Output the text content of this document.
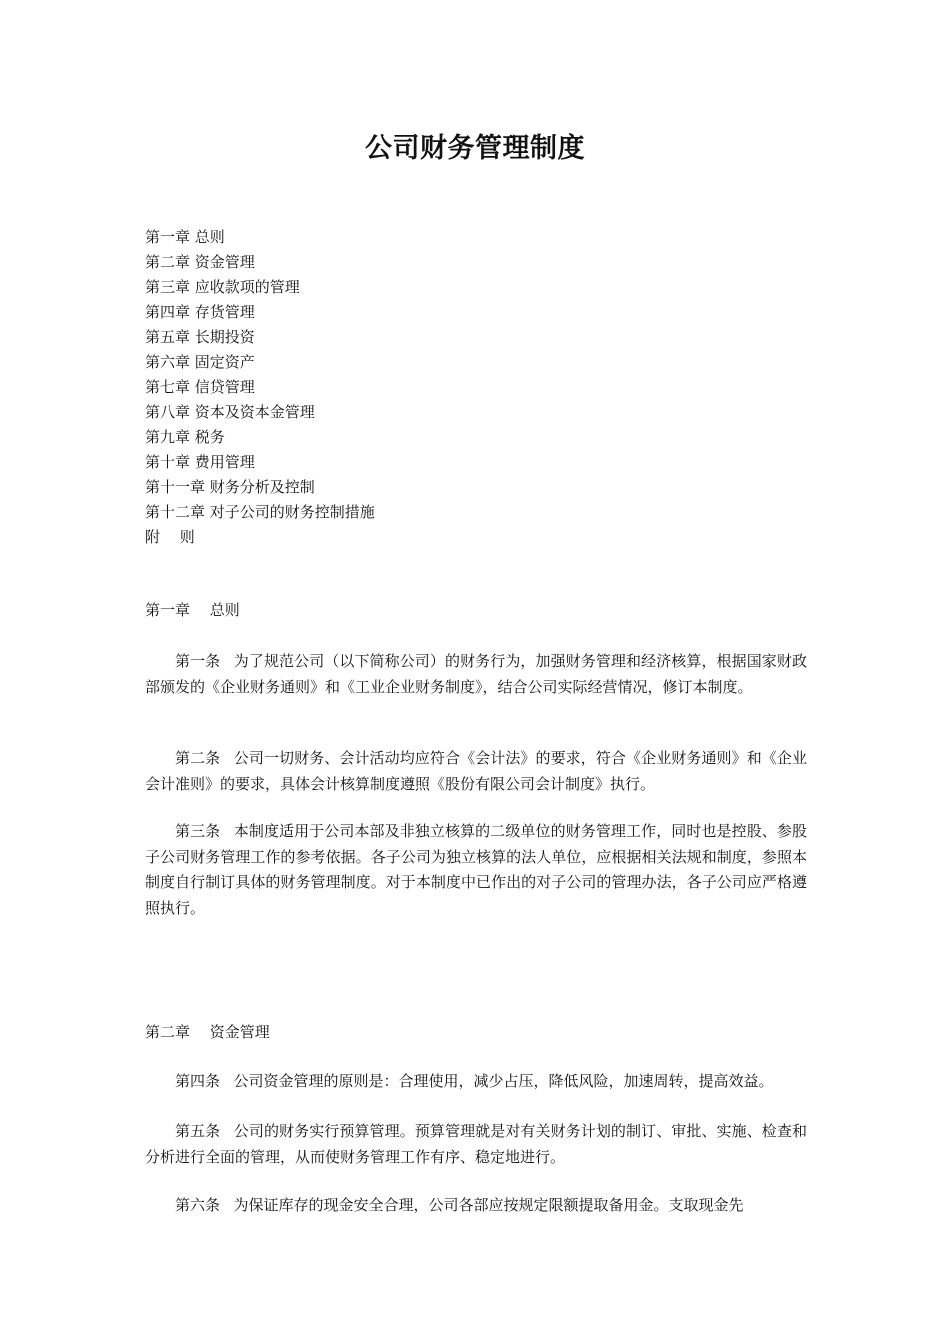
公司财务管理制度
第一章 总则
第二章 资金管理
第三章 应收款项的管理
第四章 存货管理
第五章 长期投资
第六章 固定资产
第七章 信贷管理
第八章 资本及资本金管理
第九章 税务
第十章 费用管理
第十一章 财务分析及控制
第十二章 对子公司的财务控制措施
附　 则
第一章　 总则
第一条 为了规范公司（以下简称公司）的财务行为，加强财务管理和经济核算，根据国家财政部颁发的《企业财务通则》和《工业企业财务制度》，结合公司实际经营情况，修订本制度。
第二条 公司一切财务、会计活动均应符合《会计法》的要求，符合《企业财务通则》和《企业会计准则》的要求，具体会计核算制度遵照《股份有限公司会计制度》执行。
第三条 本制度适用于公司本部及非独立核算的二级单位的财务管理工作，同时也是控股、参股子公司财务管理工作的参考依据。各子公司为独立核算的法人单位，应根据相关法规和制度，参照本制度自行制订具体的财务管理制度。对于本制度中已作出的对子公司的管理办法，各子公司应严格遵照执行。
第二章　 资金管理
第四条 公司资金管理的原则是：合理使用，减少占压，降低风险，加速周转，提高效益。
第五条 公司的财务实行预算管理。预算管理就是对有关财务计划的制订、审批、实施、检查和分析进行全面的管理，从而使财务管理工作有序、稳定地进行。
第六条 为保证库存的现金安全合理，公司各部应按规定限额提取备用金。支取现金先
